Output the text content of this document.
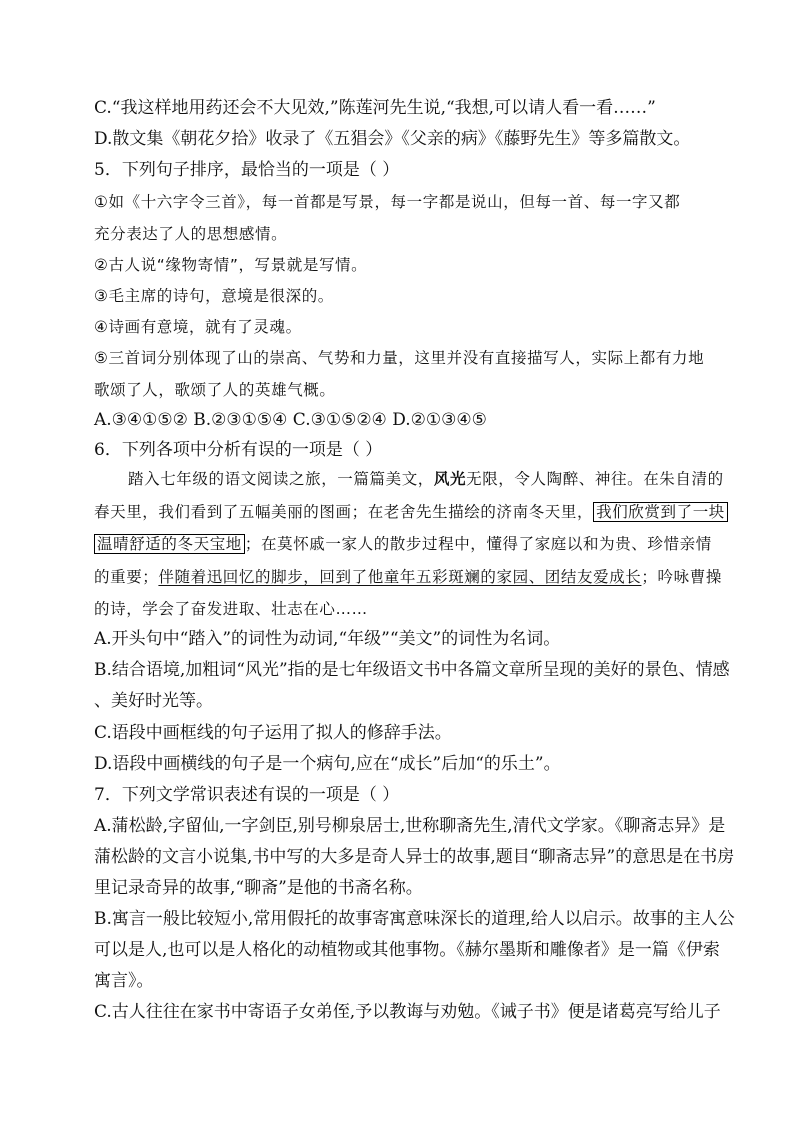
C.“我这样地用药还会不大见效,”陈莲河先生说,“我想,可以请人看一看……”
D.散文集《朝花夕拾》收录了《五猖会》《父亲的病》《藤野先生》等多篇散文。
5．下列句子排序，最恰当的一项是（ ）
①如《十六字令三首》，每一首都是写景，每一字都是说山，但每一首、每一字又都
充分表达了人的思想感情。
②古人说“缘物寄情”，写景就是写情。
③毛主席的诗句，意境是很深的。
④诗画有意境，就有了灵魂。
⑤三首词分别体现了山的崇高、气势和力量，这里并没有直接描写人，实际上都有力地
歌颂了人，歌颂了人的英雄气概。
A.③④①⑤② B.②③①⑤④ C.③①⑤②④ D.②①③④⑤
6．下列各项中分析有误的一项是（ ）
踏入七年级的语文阅读之旅，一篇篇美文，风光无限，令人陶醉、神往。在朱自清的
春天里，我们看到了五幅美丽的图画；在老舍先生描绘的济南冬天里， 我们欣赏到了一块
温晴舒适的冬天宝地 ；在莫怀戚一家人的散步过程中，懂得了家庭以和为贵、珍惜亲情
的重要；伴随着迅回忆的脚步，回到了他童年五彩斑斓的家园、团结友爱成长；吟咏曹操
的诗，学会了奋发进取、壮志在心……
A.开头句中“踏入”的词性为动词,“年级”“美文”的词性为名词。
B.结合语境,加粗词“风光”指的是七年级语文书中各篇文章所呈现的美好的景色、情感
、美好时光等。
C.语段中画框线的句子运用了拟人的修辞手法。
D.语段中画横线的句子是一个病句,应在“成长”后加“的乐土”。
7．下列文学常识表述有误的一项是（ ）
A.蒲松龄,字留仙,一字剑臣,别号柳泉居士,世称聊斋先生,清代文学家。《聊斋志异》是
蒲松龄的文言小说集,书中写的大多是奇人异士的故事,题目“聊斋志异”的意思是在书房
里记录奇异的故事,“聊斋”是他的书斋名称。
B.寓言一般比较短小,常用假托的故事寄寓意味深长的道理,给人以启示。故事的主人公
可以是人,也可以是人格化的动植物或其他事物。《赫尔墨斯和雕像者》是一篇《伊索
寓言》。
C.古人往往在家书中寄语子女弟侄,予以教诲与劝勉。《诫子书》便是诸葛亮写给儿子
